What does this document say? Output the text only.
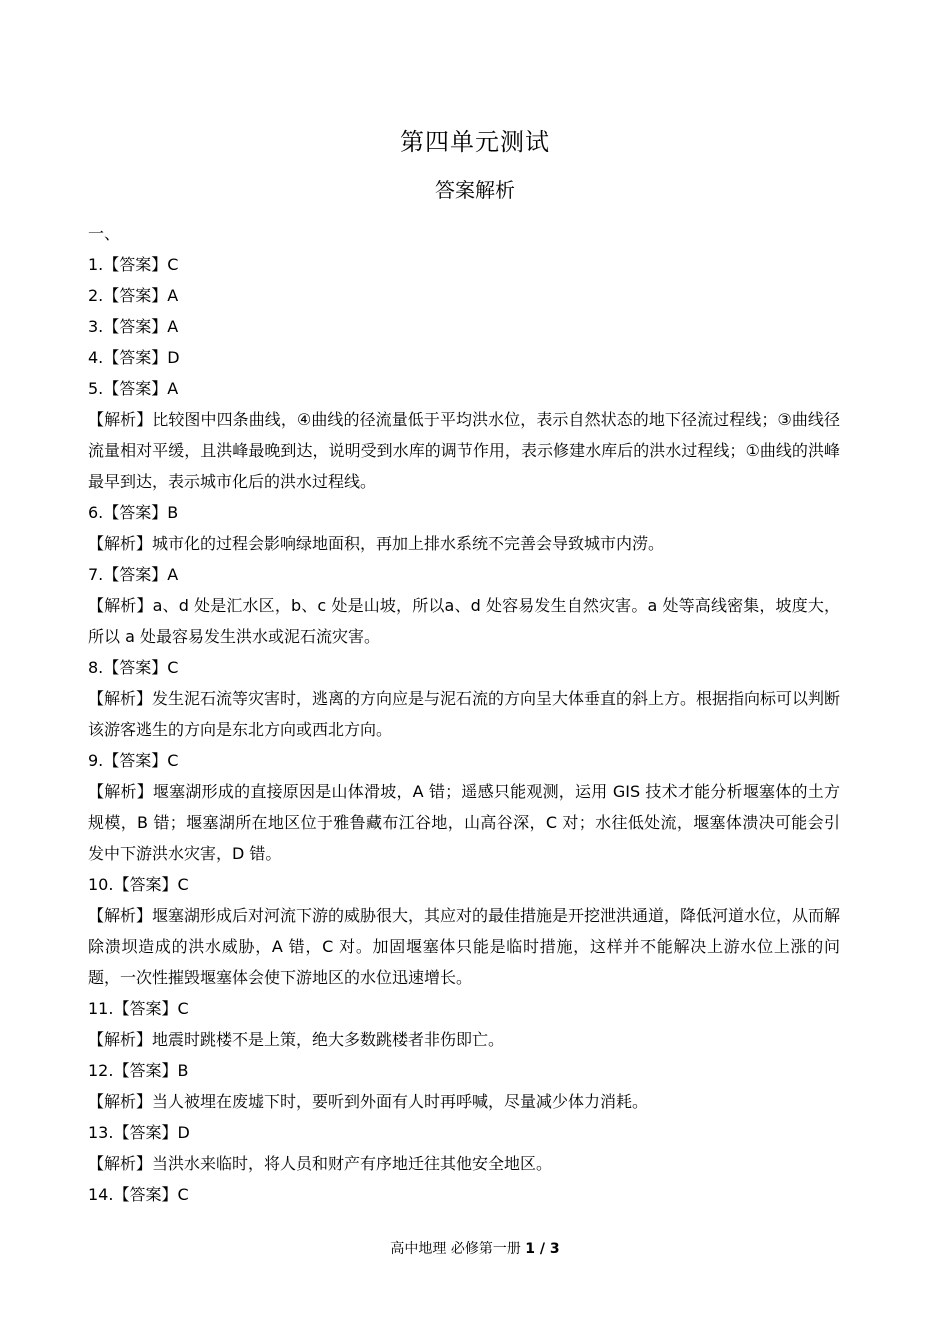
第四单元测试
答案解析
一、
1.【答案】C
2.【答案】A
3.【答案】A
4.【答案】D
5.【答案】A
【解析】比较图中四条曲线，④曲线的径流量低于平均洪水位，表示自然状态的地下径流过程线；③曲线径流量相对平缓，且洪峰最晚到达，说明受到水库的调节作用，表示修建水库后的洪水过程线；①曲线的洪峰最早到达，表示城市化后的洪水过程线。
6.【答案】B
【解析】城市化的过程会影响绿地面积，再加上排水系统不完善会导致城市内涝。
7.【答案】A
【解析】a、d 处是汇水区，b、c 处是山坡，所以a、d 处容易发生自然灾害。a 处等高线密集，坡度大，所以 a 处最容易发生洪水或泥石流灾害。
8.【答案】C
【解析】发生泥石流等灾害时，逃离的方向应是与泥石流的方向呈大体垂直的斜上方。根据指向标可以判断该游客逃生的方向是东北方向或西北方向。
9.【答案】C
【解析】堰塞湖形成的直接原因是山体滑坡，A 错；遥感只能观测，运用 GIS 技术才能分析堰塞体的土方规模，B 错；堰塞湖所在地区位于雅鲁藏布江谷地，山高谷深，C 对；水往低处流，堰塞体溃决可能会引发中下游洪水灾害，D 错。
10.【答案】C
【解析】堰塞湖形成后对河流下游的威胁很大，其应对的最佳措施是开挖泄洪通道，降低河道水位，从而解除溃坝造成的洪水威胁，A 错，C 对。加固堰塞体只能是临时措施，这样并不能解决上游水位上涨的问题，一次性摧毁堰塞体会使下游地区的水位迅速增长。
11.【答案】C
【解析】地震时跳楼不是上策，绝大多数跳楼者非伤即亡。
12.【答案】B
【解析】当人被埋在废墟下时，要听到外面有人时再呼喊，尽量减少体力消耗。
13.【答案】D
【解析】当洪水来临时，将人员和财产有序地迁往其他安全地区。
14.【答案】C
高中地理 必修第一册 1 / 3
